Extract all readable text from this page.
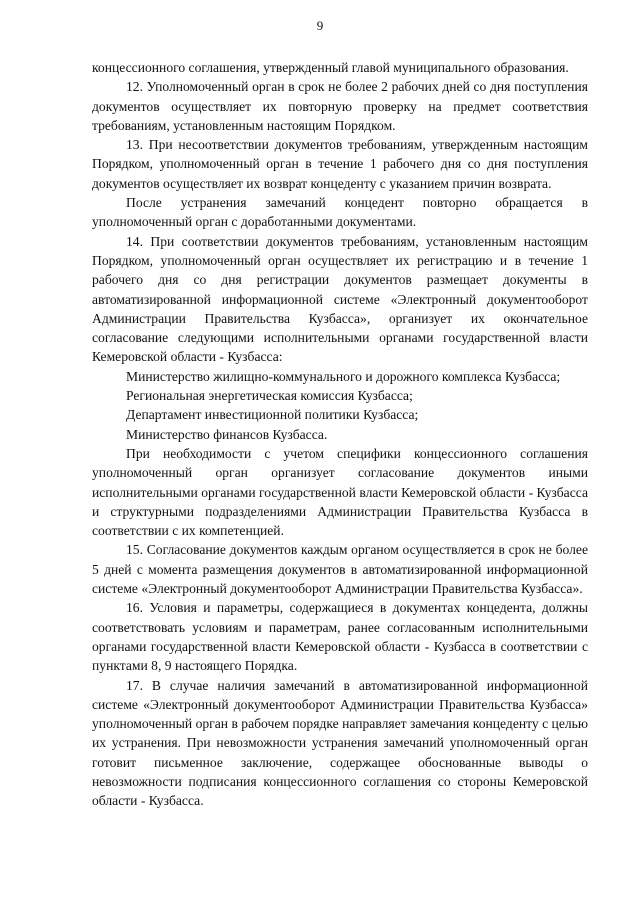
9

концессионного соглашения, утвержденный главой муниципального образования.

12. Уполномоченный орган в срок не более 2 рабочих дней со дня поступления документов осуществляет их повторную проверку на предмет соответствия требованиям, установленным настоящим Порядком.

13. При несоответствии документов требованиям, утвержденным настоящим Порядком, уполномоченный орган в течение 1 рабочего дня со дня поступления документов осуществляет их возврат концеденту с указанием причин возврата.

После устранения замечаний концедент повторно обращается в уполномоченный орган с доработанными документами.

14. При соответствии документов требованиям, установленным настоящим Порядком, уполномоченный орган осуществляет их регистрацию и в течение 1 рабочего дня со дня регистрации документов размещает документы в автоматизированной информационной системе «Электронный документооборот Администрации Правительства Кузбасса», организует их окончательное согласование следующими исполнительными органами государственной власти Кемеровской области - Кузбасса:

Министерство жилищно-коммунального и дорожного комплекса Кузбасса;

Региональная энергетическая комиссия Кузбасса;

Департамент инвестиционной политики Кузбасса;

Министерство финансов Кузбасса.

При необходимости с учетом специфики концессионного соглашения уполномоченный орган организует согласование документов иными исполнительными органами государственной власти Кемеровской области - Кузбасса и структурными подразделениями Администрации Правительства Кузбасса в соответствии с их компетенцией.

15. Согласование документов каждым органом осуществляется в срок не более 5 дней с момента размещения документов в автоматизированной информационной системе «Электронный документооборот Администрации Правительства Кузбасса».

16. Условия и параметры, содержащиеся в документах концедента, должны соответствовать условиям и параметрам, ранее согласованным исполнительными органами государственной власти Кемеровской области - Кузбасса в соответствии с пунктами 8, 9 настоящего Порядка.

17. В случае наличия замечаний в автоматизированной информационной системе «Электронный документооборот Администрации Правительства Кузбасса» уполномоченный орган в рабочем порядке направляет замечания концеденту с целью их устранения. При невозможности устранения замечаний уполномоченный орган готовит письменное заключение, содержащее обоснованные выводы о невозможности подписания концессионного соглашения со стороны Кемеровской области - Кузбасса.
